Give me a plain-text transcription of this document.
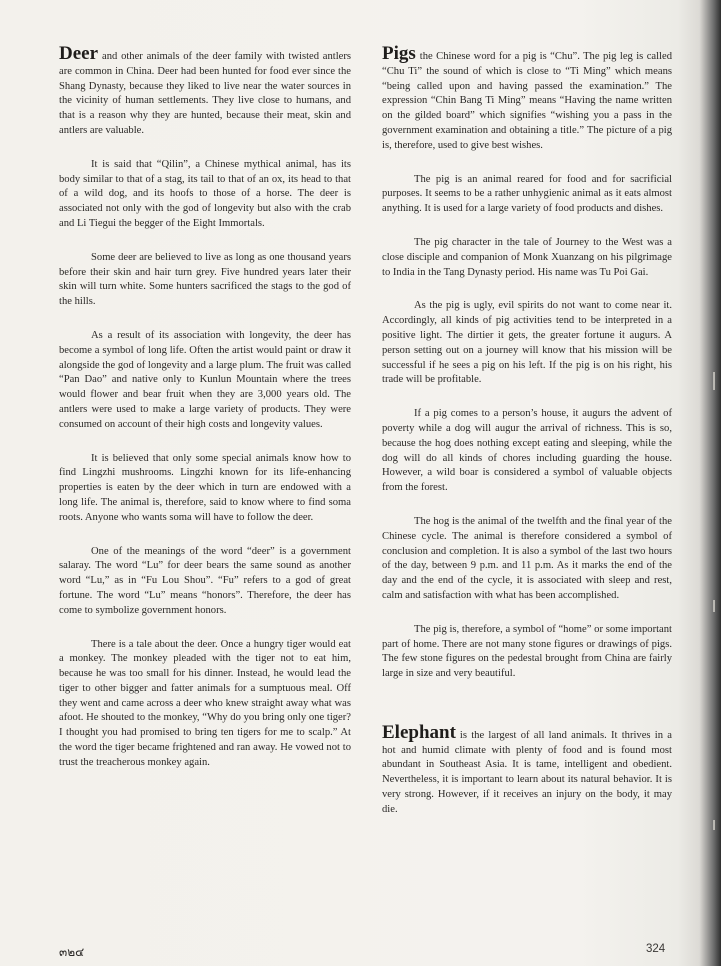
Deer and other animals of the deer family with twisted antlers are common in China. Deer had been hunted for food ever since the Shang Dynasty, because they liked to live near the water sources in the vicinity of human settlements. They live close to humans, and that is a reason why they are hunted, because their meat, skin and antlers are valuable.

It is said that “Qilin”, a Chinese mythical animal, has its body similar to that of a stag, its tail to that of an ox, its head to that of a wild dog, and its hoofs to those of a horse. The deer is associated not only with the god of longevity but also with the crab and Li Tiegui the begger of the Eight Immortals.

Some deer are believed to live as long as one thousand years before their skin and hair turn grey. Five hundred years later their skin will turn white. Some hunters sacrificed the stags to the god of the hills.

As a result of its association with longevity, the deer has become a symbol of long life. Often the artist would paint or draw it alongside the god of longevity and a large plum. The fruit was called “Pan Dao” and native only to Kunlun Mountain where the trees would flower and bear fruit when they are 3,000 years old. The antlers were used to make a large variety of products. They were consumed on account of their high costs and longevity values.

It is believed that only some special animals know how to find Lingzhi mushrooms. Lingzhi known for its life-enhancing properties is eaten by the deer which in turn are endowed with a long life. The animal is, therefore, said to know where to find soma roots. Anyone who wants soma will have to follow the deer.

One of the meanings of the word “deer” is a government salaray. The word “Lu” for deer bears the same sound as another word “Lu,” as in “Fu Lou Shou”. “Fu” refers to a god of great fortune. The word “Lu” means “honors”. Therefore, the deer has come to symbolize government honors.

There is a tale about the deer. Once a hungry tiger would eat a monkey. The monkey pleaded with the tiger not to eat him, because he was too small for his dinner. Instead, he would lead the tiger to other bigger and fatter animals for a sumptuous meal. Off they went and came across a deer who knew straight away what was afoot. He shouted to the monkey, “Why do you bring only one tiger? I thought you had promised to bring ten tigers for me to scalp.” At the word the tiger became frightened and ran away. He vowed not to trust the treacherous monkey again.

Pigs the Chinese word for a pig is “Chu”. The pig leg is called “Chu Ti” the sound of which is close to “Ti Ming” which means “being called upon and having passed the examination.” The expression “Chin Bang Ti Ming” means “Having the name written on the gilded board” which signifies “wishing you a pass in the government examination and obtaining a title.” The picture of a pig is, therefore, used to give best wishes.

The pig is an animal reared for food and for sacrificial purposes. It seems to be a rather unhygienic animal as it eats almost anything. It is used for a large variety of food products and dishes.

The pig character in the tale of Journey to the West was a close disciple and companion of Monk Xuanzang on his pilgrimage to India in the Tang Dynasty period. His name was Tu Poi Gai.

As the pig is ugly, evil spirits do not want to come near it. Accordingly, all kinds of pig activities tend to be interpreted in a positive light. The dirtier it gets, the greater fortune it augurs. A person setting out on a journey will know that his mission will be successful if he sees a pig on his left. If the pig is on his right, his trade will be profitable.

If a pig comes to a person’s house, it augurs the advent of poverty while a dog will augur the arrival of richness. This is so, because the hog does nothing except eating and sleeping, while the dog will do all kinds of chores including guarding the house. However, a wild boar is considered a symbol of valuable objects from the forest.

The hog is the animal of the twelfth and the final year of the Chinese cycle. The animal is therefore considered a symbol of conclusion and completion. It is also a symbol of the last two hours of the day, between 9 p.m. and 11 p.m. As it marks the end of the day and the end of the cycle, it is associated with sleep and rest, calm and satisfaction with what has been accomplished.

The pig is, therefore, a symbol of “home” or some important part of home. There are not many stone figures or drawings of pigs. The few stone figures on the pedestal brought from China are fairly large in size and very beautiful.

Elephant is the largest of all land animals. It thrives in a hot and humid climate with plenty of food and is found most abundant in Southeast Asia. It is tame, intelligent and obedient. Nevertheless, it is important to learn about its natural behavior. It is very strong. However, if it receives an injury on the body, it may die.

๓๒๔	324
